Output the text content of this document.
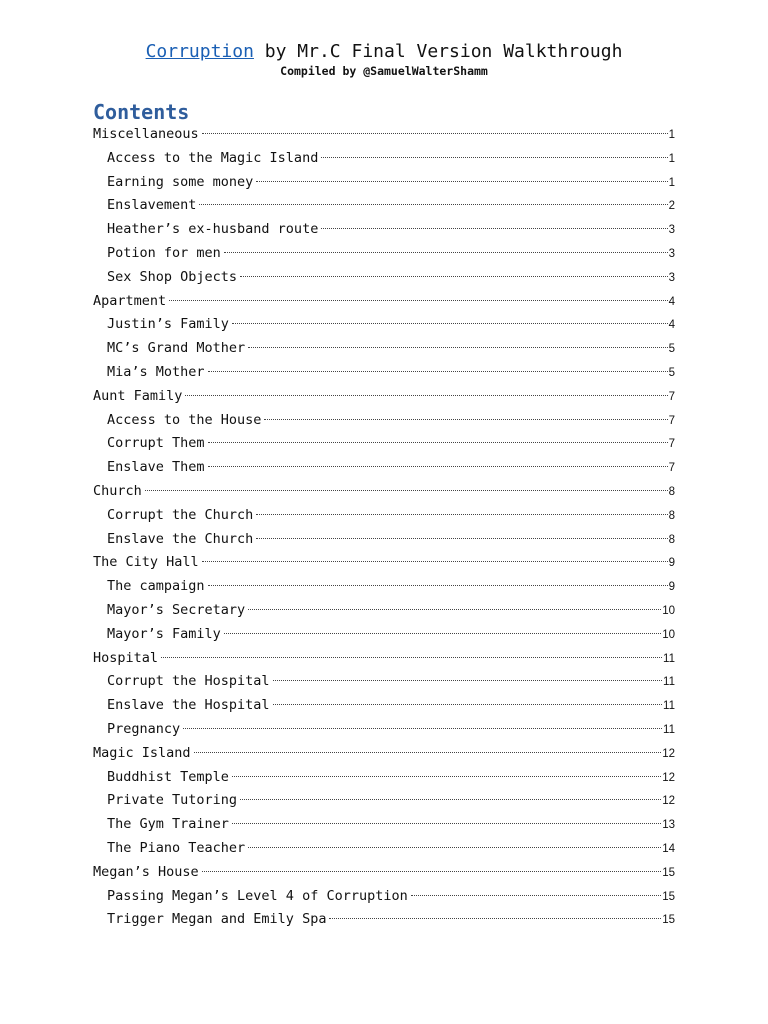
Corruption by Mr.C Final Version Walkthrough
Compiled by @SamuelWalterShamm
Contents
Miscellaneous	1
Access to the Magic Island	1
Earning some money	1
Enslavement	2
Heather’s ex-husband route	3
Potion for men	3
Sex Shop Objects	3
Apartment	4
Justin’s Family	4
MC’s Grand Mother	5
Mia’s Mother	5
Aunt Family	7
Access to the House	7
Corrupt Them	7
Enslave Them	7
Church	8
Corrupt the Church	8
Enslave the Church	8
The City Hall	9
The campaign	9
Mayor’s Secretary	10
Mayor’s Family	10
Hospital	11
Corrupt the Hospital	11
Enslave the Hospital	11
Pregnancy	11
Magic Island	12
Buddhist Temple	12
Private Tutoring	12
The Gym Trainer	13
The Piano Teacher	14
Megan’s House	15
Passing Megan’s Level 4 of Corruption	15
Trigger Megan and Emily Spa	15
